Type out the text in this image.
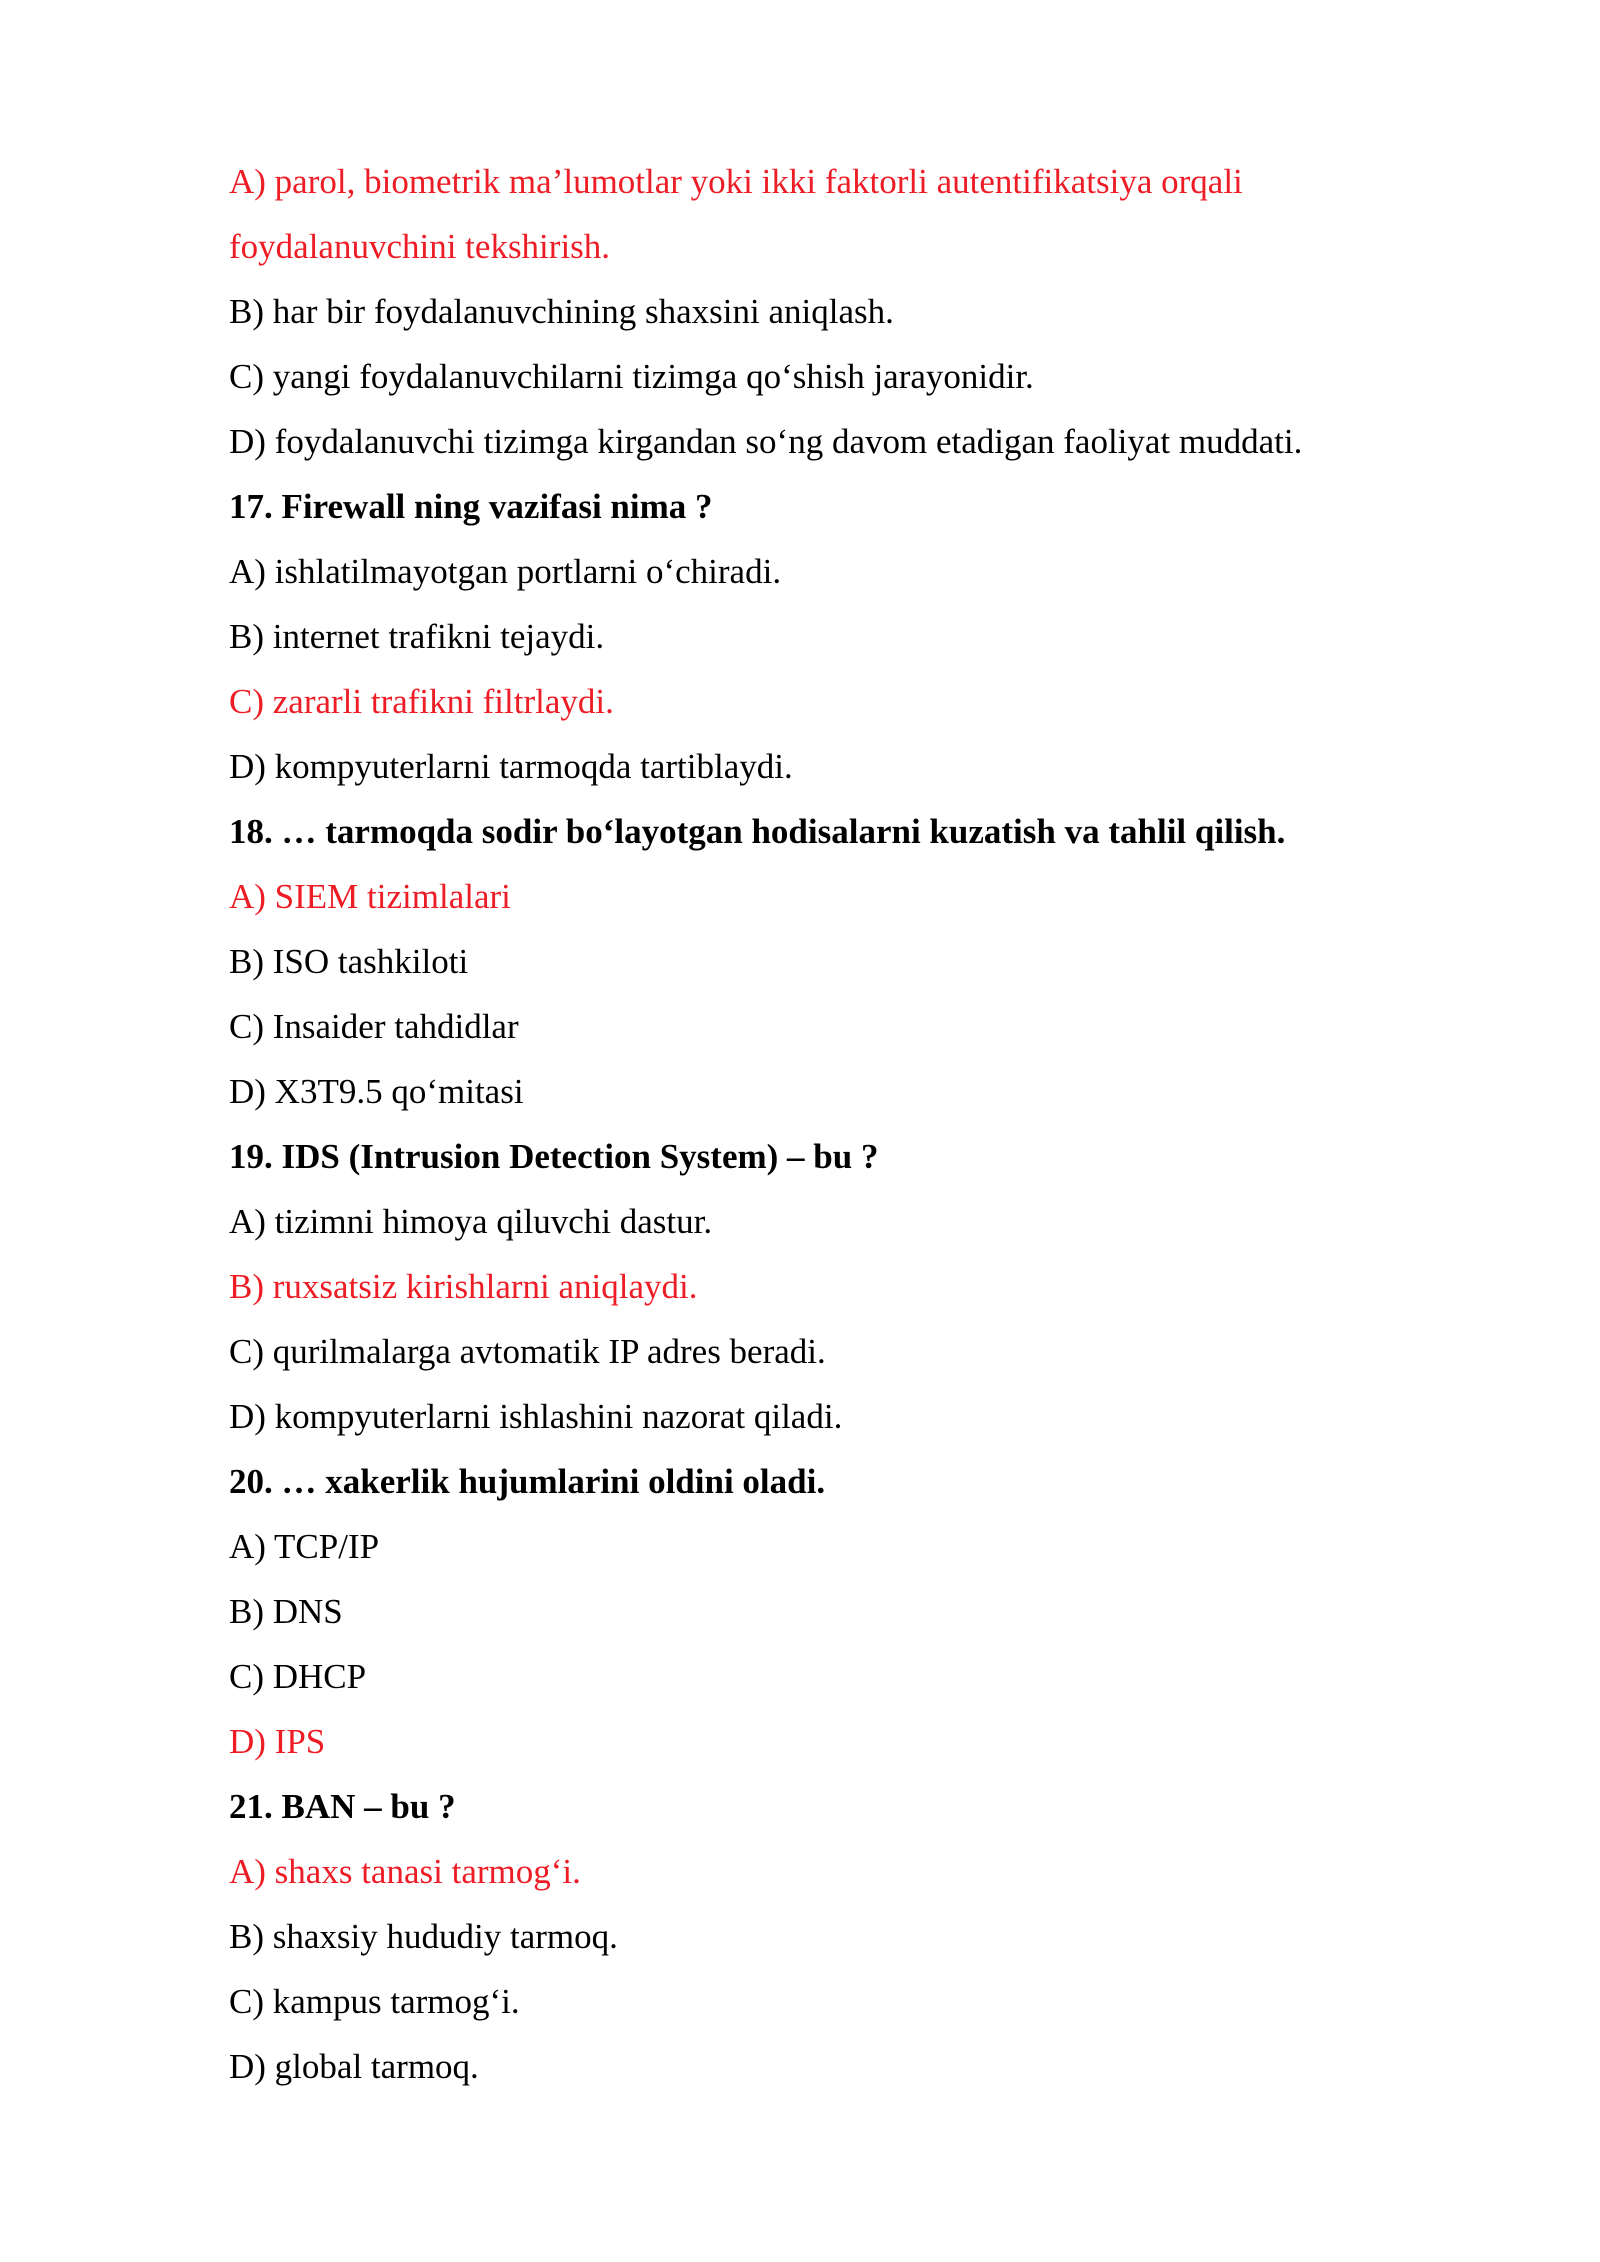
A) parol, biometrik ma’lumotlar yoki ikki faktorli autentifikatsiya orqali
foydalanuvchini tekshirish.
B) har bir foydalanuvchining shaxsini aniqlash.
C) yangi foydalanuvchilarni tizimga qo‘shish jarayonidir.
D) foydalanuvchi tizimga kirgandan so‘ng davom etadigan faoliyat muddati.
17. Firewall ning vazifasi nima ?
A) ishlatilmayotgan portlarni o‘chiradi.
B) internet trafikni tejaydi.
C) zararli trafikni filtrlaydi.
D) kompyuterlarni tarmoqda tartiblaydi.
18. … tarmoqda sodir bo‘layotgan hodisalarni kuzatish va tahlil qilish.
A) SIEM tizimlalari
B) ISO tashkiloti
C) Insaider tahdidlar
D) X3T9.5 qo‘mitasi
19. IDS (Intrusion Detection System) – bu ?
A) tizimni himoya qiluvchi dastur.
B) ruxsatsiz kirishlarni aniqlaydi.
C) qurilmalarga avtomatik IP adres beradi.
D) kompyuterlarni ishlashini nazorat qiladi.
20. … xakerlik hujumlarini oldini oladi.
A) TCP/IP
B) DNS
C) DHCP
D) IPS
21. BAN – bu ?
A) shaxs tanasi tarmog‘i.
B) shaxsiy hududiy tarmoq.
C) kampus tarmog‘i.
D) global tarmoq.
